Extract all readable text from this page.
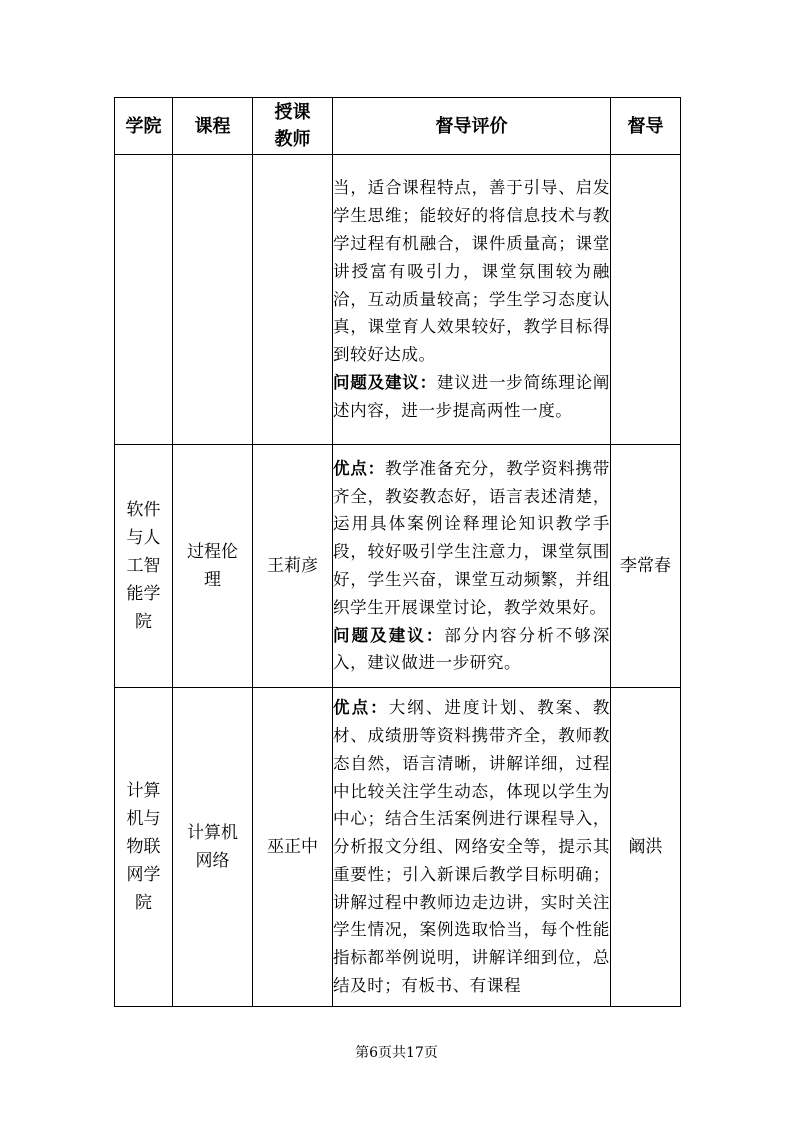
学院	课程	授课教师	督导评价	督导

			当，适合课程特点，善于引导、启发学生思维；能较好的将信息技术与教学过程有机融合，课件质量高；课堂讲授富有吸引力，课堂氛围较为融洽，互动质量较高；学生学习态度认真，课堂育人效果较好，教学目标得到较好达成。

问题及建议：建议进一步简练理论阐述内容，进一步提高两性一度。	

软件与人工智能学院	过程伦理	王莉彦	优点：教学准备充分，教学资料携带齐全，教姿教态好，语言表述清楚，运用具体案例诠释理论知识教学手段，较好吸引学生注意力，课堂氛围好，学生兴奋，课堂互动频繁，并组织学生开展课堂讨论，教学效果好。

问题及建议：部分内容分析不够深入，建议做进一步研究。	李常春
计算机与物联网学院	计算机网络	巫正中	优点：大纲、进度计划、教案、教材、成绩册等资料携带齐全，教师教态自然，语言清晰，讲解详细，过程中比较关注学生动态，体现以学生为中心；结合生活案例进行课程导入，分析报文分组、网络安全等，提示其重要性；引入新课后教学目标明确；讲解过程中教师边走边讲，实时关注学生情况，案例选取恰当，每个性能指标都举例说明，讲解详细到位，总结及时；有板书、有课程	阚洪
第6页共17页
